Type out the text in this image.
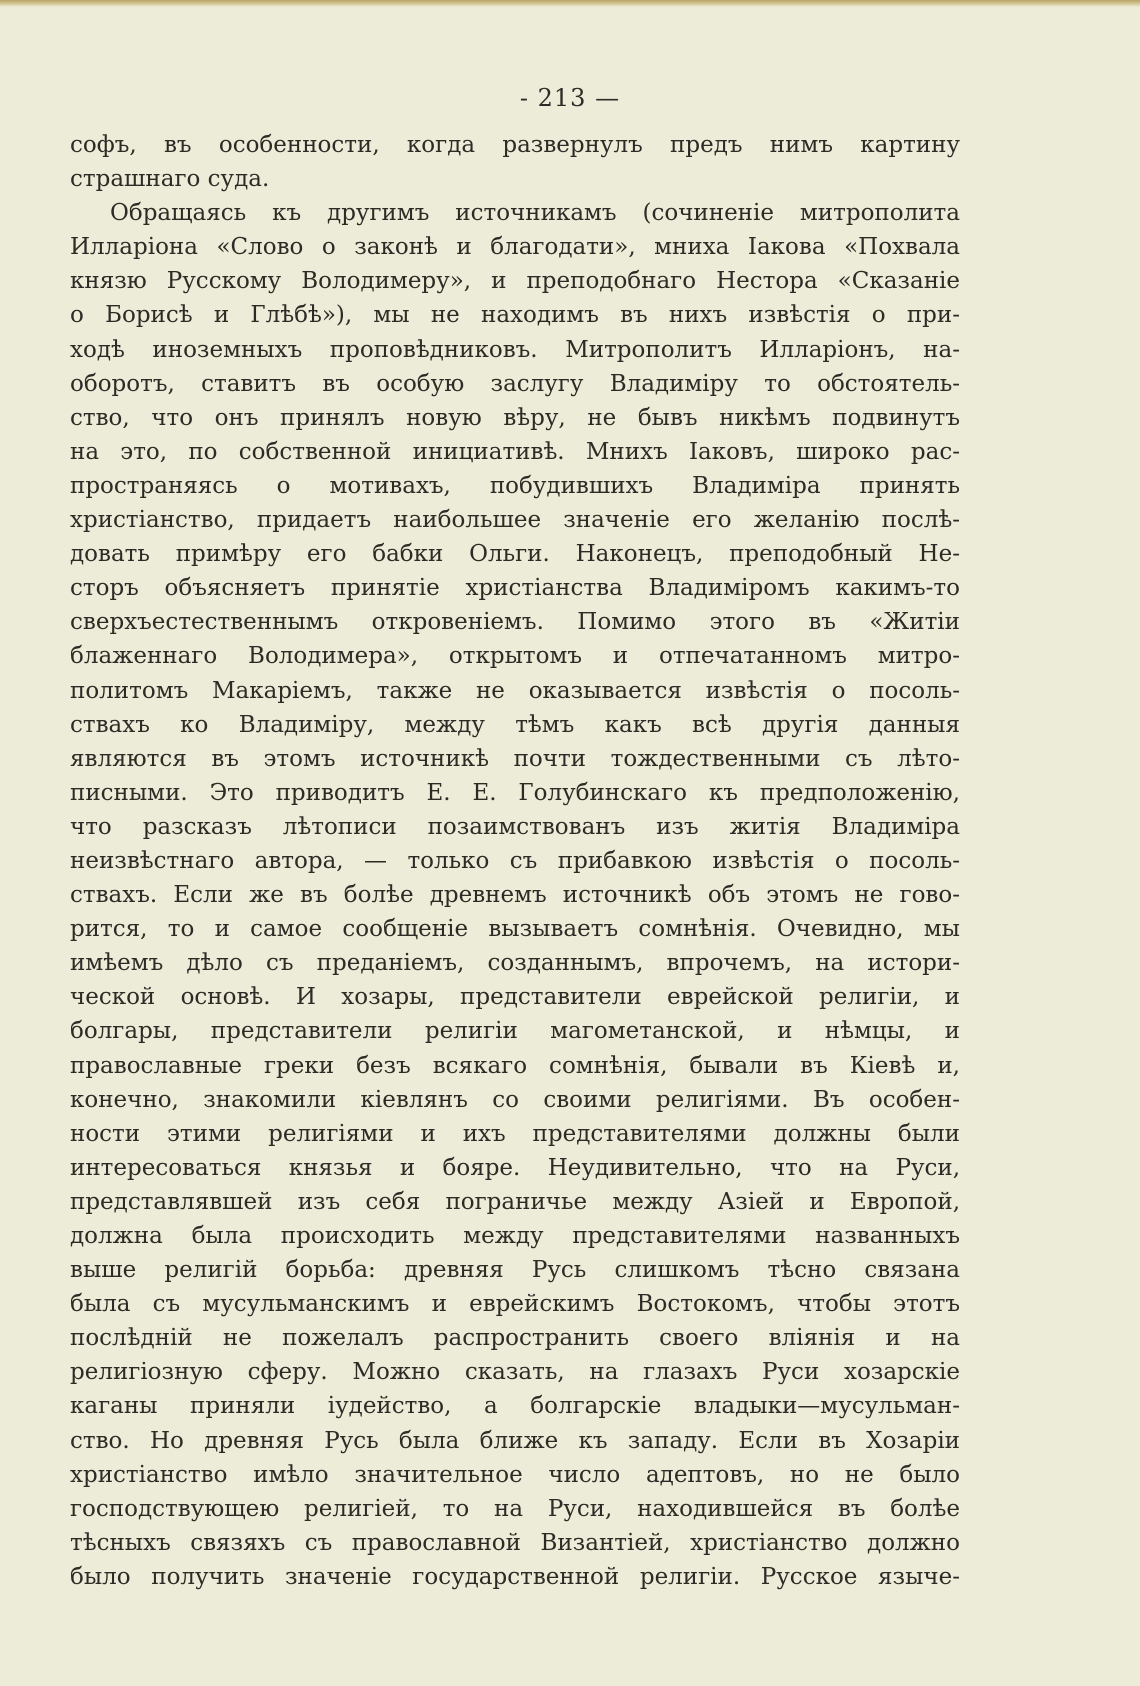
- 213 —
софъ, въ особенности, когда развернулъ предъ нимъ картину
страшнаго суда.
Обращаясь къ другимъ источникамъ (сочиненіе митрополита
Илларіона «Слово о законѣ и благодати», мниха Іакова «Похвала
князю Русскому Володимеру», и преподобнаго Нестора «Сказаніе
о Борисѣ и Глѣбѣ»), мы не находимъ въ нихъ извѣстія о при-
ходѣ иноземныхъ проповѣдниковъ. Митрополитъ Илларіонъ, на-
оборотъ, ставитъ въ особую заслугу Владиміру то обстоятель-
ство, что онъ принялъ новую вѣру, не бывъ никѣмъ подвинутъ
на это, по собственной инициативѣ. Мнихъ Іаковъ, широко рас-
пространяясь о мотивахъ, побудившихъ Владиміра принять
христіанство, придаетъ наибольшее значеніе его желанію послѣ-
довать примѣру его бабки Ольги. Наконецъ, преподобный Не-
сторъ объясняетъ принятіе христіанства Владиміромъ какимъ-то
сверхъестественнымъ откровеніемъ. Помимо этого въ «Житіи
блаженнаго Володимера», открытомъ и отпечатанномъ митро-
политомъ Макаріемъ, также не оказывается извѣстія о посоль-
ствахъ ко Владиміру, между тѣмъ какъ всѣ другія данныя
являются въ этомъ источникѣ почти тождественными съ лѣто-
писными. Это приводитъ Е. Е. Голубинскаго къ предположенію,
что разсказъ лѣтописи позаимствованъ изъ житія Владиміра
неизвѣстнаго автора, — только съ прибавкою извѣстія о посоль-
ствахъ. Если же въ болѣе древнемъ источникѣ объ этомъ не гово-
рится, то и самое сообщеніе вызываетъ сомнѣнія. Очевидно, мы
имѣемъ дѣло съ преданіемъ, созданнымъ, впрочемъ, на истори-
ческой основѣ. И хозары, представители еврейской религіи, и
болгары, представители религіи магометанской, и нѣмцы, и
православные греки безъ всякаго сомнѣнія, бывали въ Кіевѣ и,
конечно, знакомили кіевлянъ со своими религіями. Въ особен-
ности этими религіями и ихъ представителями должны были
интересоваться князья и бояре. Неудивительно, что на Руси,
представлявшей изъ себя пограничье между Азіей и Европой,
должна была происходить между представителями названныхъ
выше религій борьба: древняя Русь слишкомъ тѣсно связана
была съ мусульманскимъ и еврейскимъ Востокомъ, чтобы этотъ
послѣдній не пожелалъ распространить своего вліянія и на
религіозную сферу. Можно сказать, на глазахъ Руси хозарскіе
каганы приняли іудейство, а болгарскіе владыки—мусульман-
ство. Но древняя Русь была ближе къ западу. Если въ Хозаріи
христіанство имѣло значительное число адептовъ, но не было
господствующею религіей, то на Руси, находившейся въ болѣе
тѣсныхъ связяхъ съ православной Византіей, христіанство должно
было получить значеніе государственной религіи. Русское языче-
